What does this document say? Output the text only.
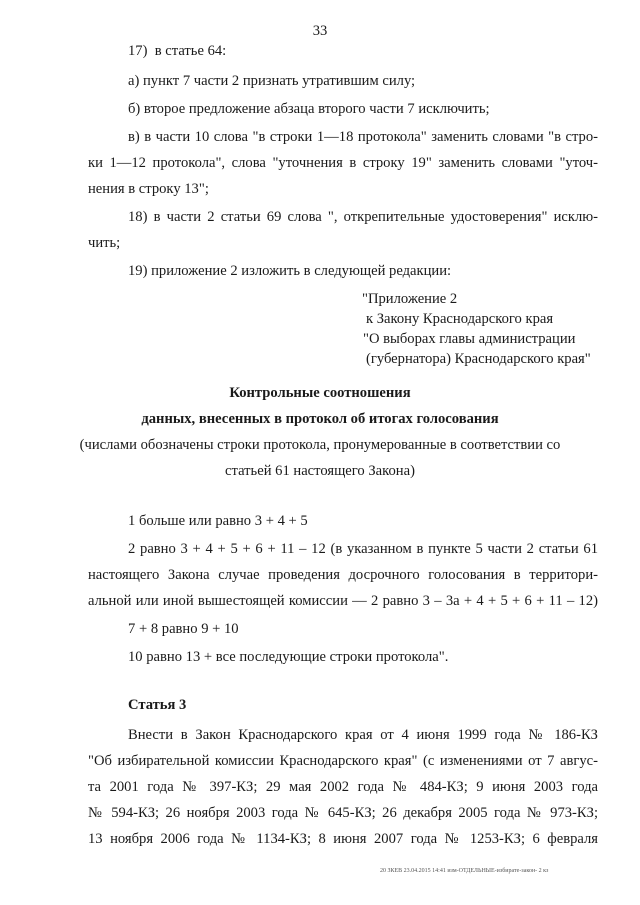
33
17) в статье 64:
а) пункт 7 части 2 признать утратившим силу;
б) второе предложение абзаца второго части 7 исключить;
в) в части 10 слова "в строки 1—18 протокола" заменить словами "в стро-
ки 1—12 протокола", слова "уточнения в строку 19" заменить словами "уточ-
нения в строку 13";
18) в части 2 статьи 69 слова ", открепительные удостоверения" исклю-
чить;
19) приложение 2 изложить в следующей редакции:
"Приложение 2
к Закону Краснодарского края
"О выборах главы администрации
(губернатора) Краснодарского края"
Контрольные соотношения
данных, внесенных в протокол об итогах голосования
(числами обозначены строки протокола, пронумерованные в соответствии со
статьей 61 настоящего Закона)
1 больше или равно 3 + 4 + 5
2 равно 3 + 4 + 5 + 6 + 11 – 12 (в указанном в пункте 5 части 2 статьи 61
настоящего Закона случае проведения досрочного голосования в территори-
альной или иной вышестоящей комиссии — 2 равно 3 – 3а + 4 + 5 + 6 + 11 – 12)
7 + 8 равно 9 + 10
10 равно 13 + все последующие строки протокола".
Статья 3
Внести в Закон Краснодарского края от 4 июня 1999 года № 186-КЗ
"Об избирательной комиссии Краснодарского края" (с изменениями от 7 авгус-
та 2001 года № 397-КЗ; 29 мая 2002 года № 484-КЗ; 9 июня 2003 года
№ 594-КЗ; 26 ноября 2003 года № 645-КЗ; 26 декабря 2005 года № 973-КЗ;
13 ноября 2006 года № 1134-КЗ; 8 июня 2007 года № 1253-КЗ; 6 февраля
20 ЗКЕВ 23.04.2015 14:41 изм-ОТДЕЛЬНЫЕ-избирате-закон- 2 кз
